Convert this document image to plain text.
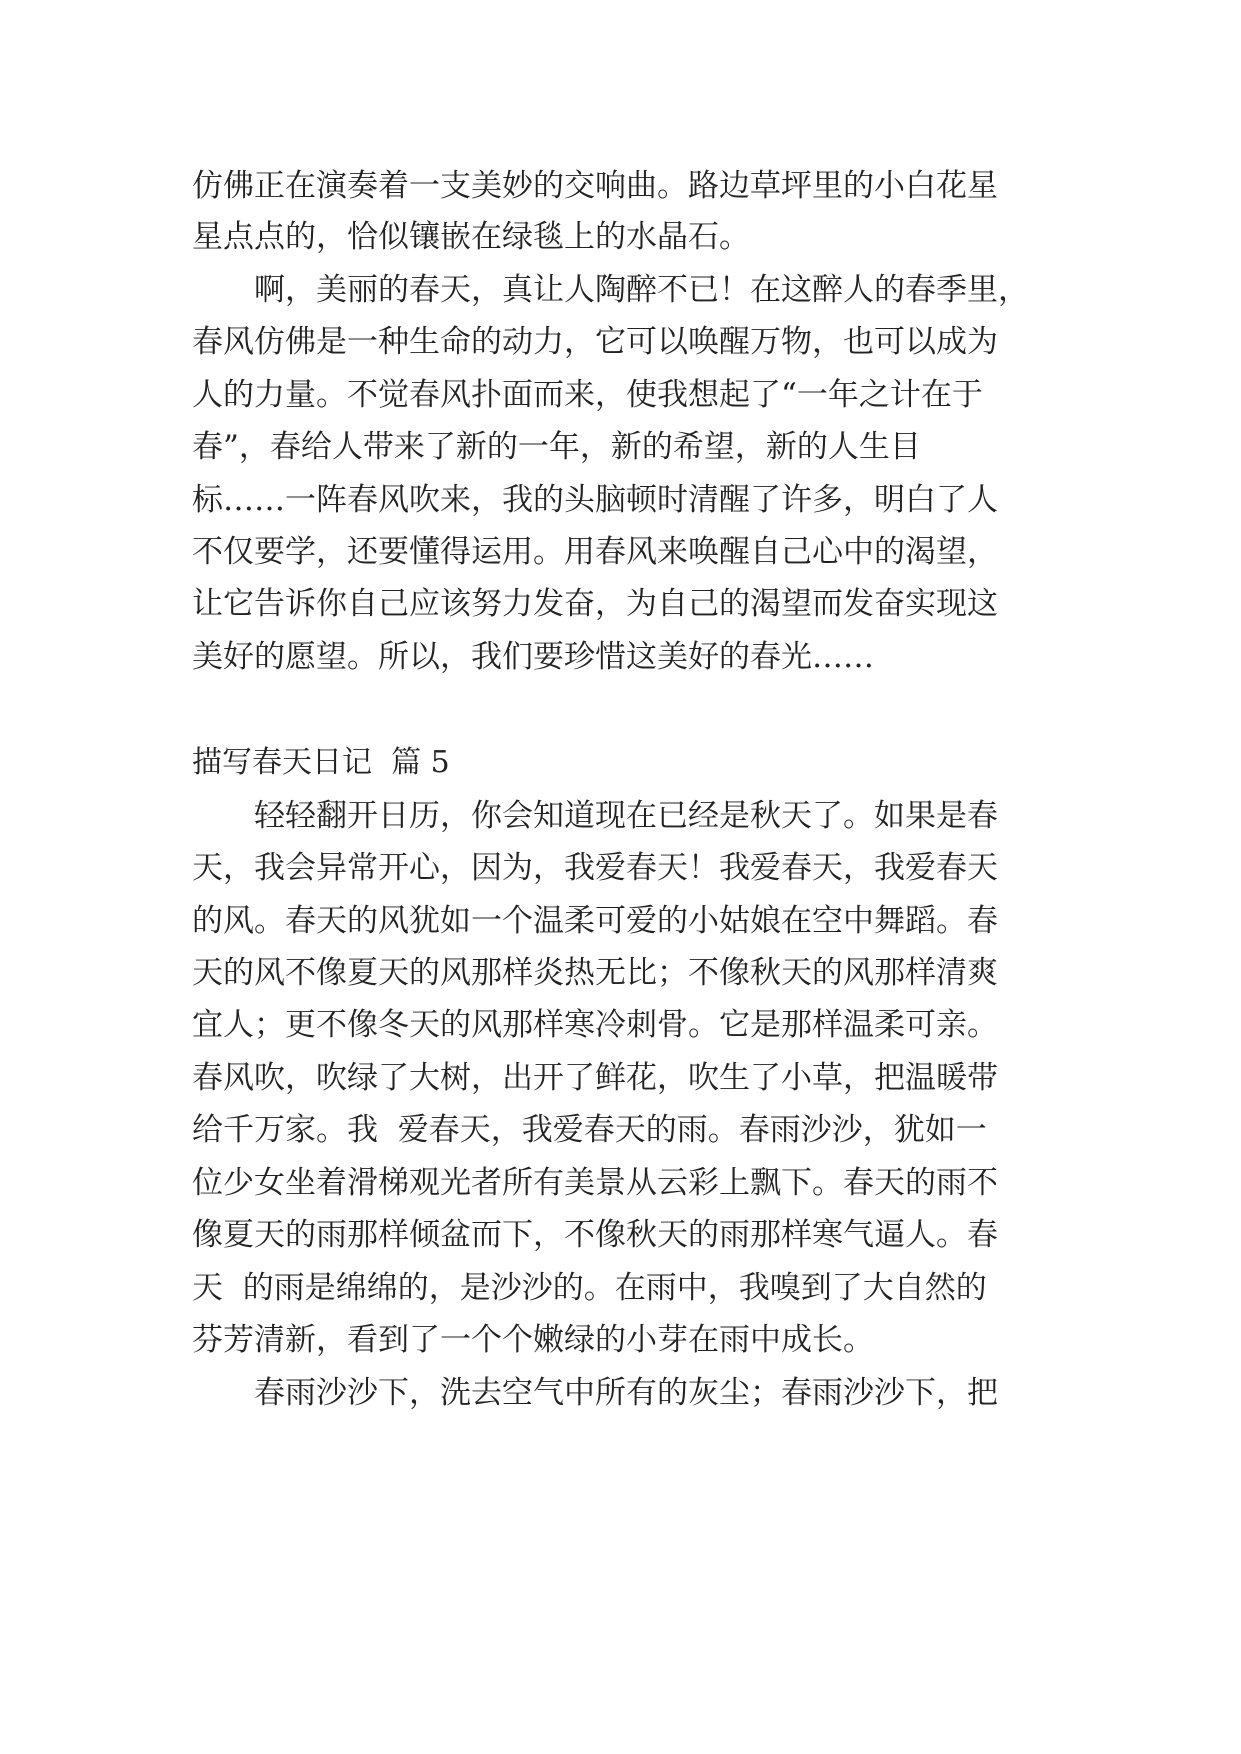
仿佛正在演奏着一支美妙的交响曲。路边草坪里的小白花星

星点点的，恰似镶嵌在绿毯上的水晶石。

啊，美丽的春天，真让人陶醉不已！在这醉人的春季里，

春风仿佛是一种生命的动力，它可以唤醒万物，也可以成为

人的力量。不觉春风扑面而来，使我想起了“一年之计在于

春”，春给人带来了新的一年，新的希望，新的人生目

标……一阵春风吹来，我的头脑顿时清醒了许多，明白了人

不仅要学，还要懂得运用。用春风来唤醒自己心中的渴望，

让它告诉你自己应该努力发奋，为自己的渴望而发奋实现这

美好的愿望。所以，我们要珍惜这美好的春光……

描写春天日记  篇 5

轻轻翻开日历，你会知道现在已经是秋天了。如果是春

天，我会异常开心，因为，我爱春天！我爱春天，我爱春天

的风。春天的风犹如一个温柔可爱的小姑娘在空中舞蹈。春

天的风不像夏天的风那样炎热无比；不像秋天的风那样清爽

宜人；更不像冬天的风那样寒冷刺骨。它是那样温柔可亲。

春风吹，吹绿了大树，出开了鲜花，吹生了小草，把温暖带

给千万家。我  爱春天，我爱春天的雨。春雨沙沙，犹如一

位少女坐着滑梯观光者所有美景从云彩上飘下。春天的雨不

像夏天的雨那样倾盆而下，不像秋天的雨那样寒气逼人。春

天  的雨是绵绵的，是沙沙的。在雨中，我嗅到了大自然的

芬芳清新，看到了一个个嫩绿的小芽在雨中成长。

春雨沙沙下，洗去空气中所有的灰尘；春雨沙沙下，把
